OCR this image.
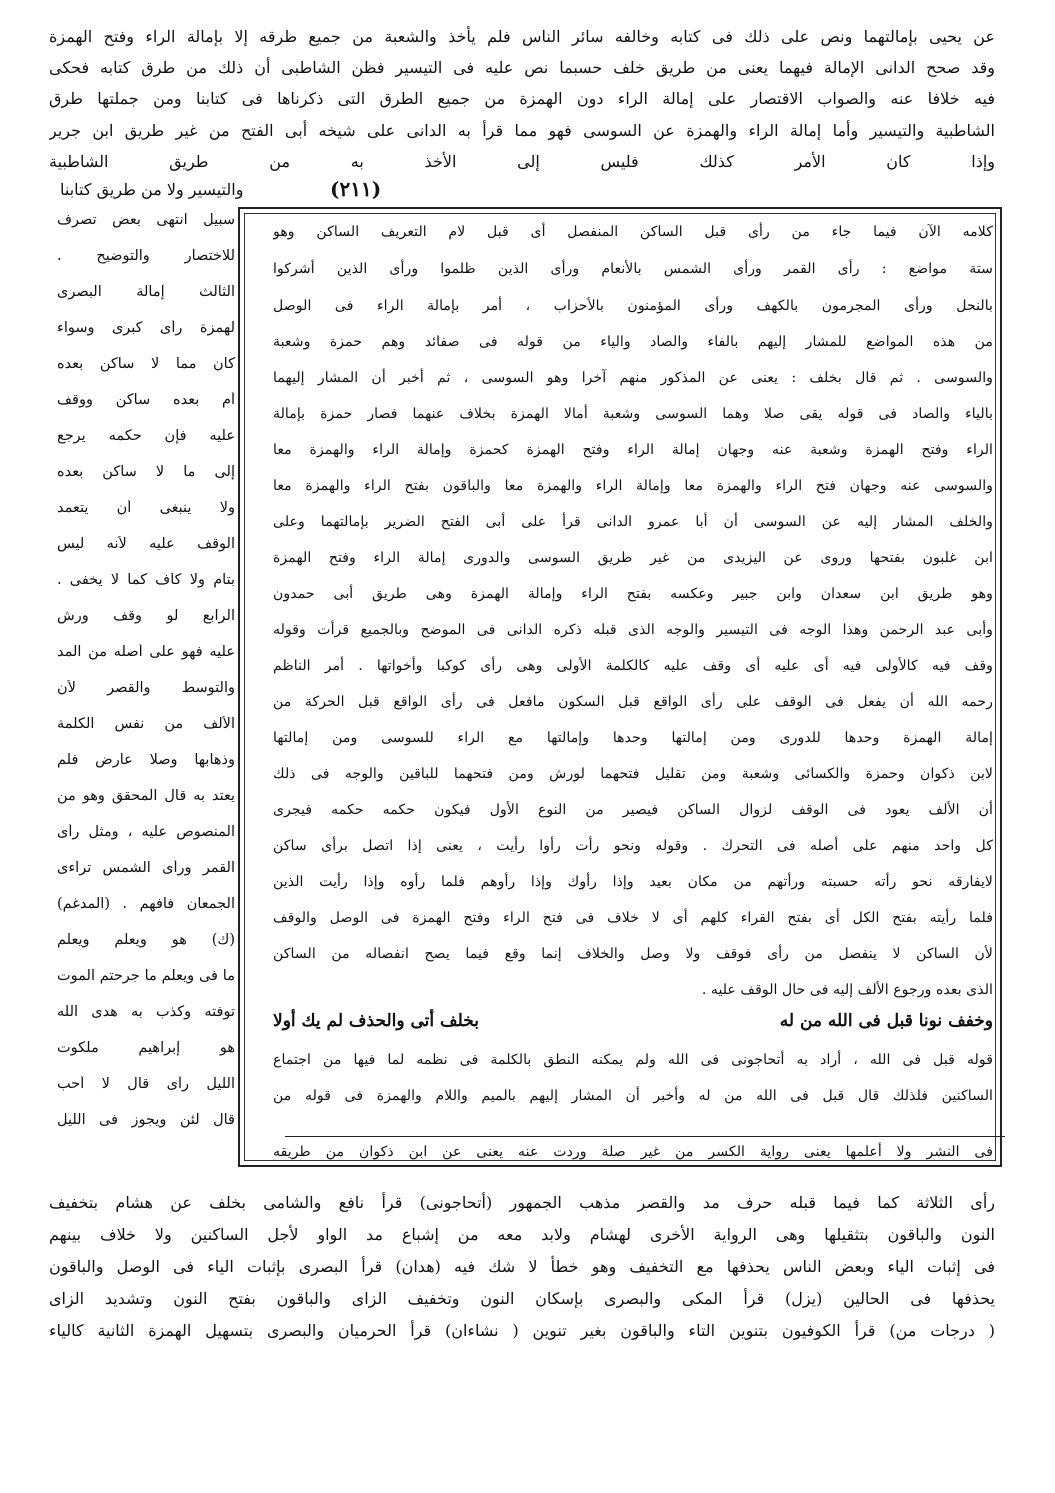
عن يحيى بإمالتهما ونص على ذلك فى كتابه وخالفه سائر الناس فلم يأخذ والشعبة من جميع طرقه إلا بإمالة الراء وفتح الهمزة
وقد صحح الدانى الإمالة فيهما يعنى من طريق خلف حسبما نص عليه فى التيسير فظن الشاطبى أن ذلك من طرق كتابه فحكى
فيه خلافا عنه والصواب الاقتصار على إمالة الراء دون الهمزة من جميع الطرق التى ذكرناها فى كتابنا ومن جملتها طرق
الشاطبية والتيسير وأما إمالة الراء والهمزة عن السوسى فهو مما قرأ به الدانى على شيخه أبى الفتح من غير طريق ابن جرير
وإذا كان الأمر كذلك فليس إلى الأخذ به من طريق الشاطبية
(٢١١)
والتيسير ولا من طريق كتابنا
كلامه الآن فيما جاء من رأى قبل الساكن المنفصل أى قبل لام التعريف الساكن وهو
ستة مواضع : رأى القمر ورأى الشمس بالأنعام ورأى الذين ظلموا ورأى الذين أشركوا
بالنحل ورأى المجرمون بالكهف ورأى المؤمنون بالأحزاب ، أمر بإمالة الراء فى الوصل
من هذه المواضع للمشار إليهم بالفاء والصاد والياء من قوله فى صفائد وهم حمزة وشعبة
والسوسى . ثم قال بخلف : يعنى عن المذكور منهم آخرا وهو السوسى ، ثم أخبر أن المشار إليهما
بالياء والصاد فى قوله يقى صلا وهما السوسى وشعبة أمالا الهمزة بخلاف عنهما فصار حمزة بإمالة
الراء وفتح الهمزة وشعبة عنه وجهان إمالة الراء وفتح الهمزة كحمزة وإمالة الراء والهمزة معا
والسوسى عنه وجهان فتح الراء والهمزة معا وإمالة الراء والهمزة معا والباقون بفتح الراء والهمزة معا
والخلف المشار إليه عن السوسى أن أبا عمرو الدانى قرأ على أبى الفتح الضرير بإمالتهما وعلى
ابن غلبون بفتحها وروى عن اليزيدى من غير طريق السوسى والدورى إمالة الراء وفتح الهمزة
وهو طريق ابن سعدان وابن جبير وعكسه بفتح الراء وإمالة الهمزة وهى طريق أبى حمدون
وأبى عبد الرحمن وهذا الوجه فى التيسير والوجه الذى قبله ذكره الدانى فى الموضح وبالجميع قرأت وقوله
وقف فيه كالأولى فيه أى عليه أى وقف عليه كالكلمة الأولى وهى رأى كوكبا وأخواتها . أمر الناظم
رحمه الله أن يفعل فى الوقف على رأى الواقع قبل السكون مافعل فى رأى الواقع قبل الحركة من
إمالة الهمزة وحدها للدورى ومن إمالتها وحدها وإمالتها مع الراء للسوسى ومن إمالتها
لابن ذكوان وحمزة والكسائى وشعبة ومن تقليل فتحهما لورش ومن فتحهما للباقين والوجه فى ذلك
أن الألف يعود فى الوقف لزوال الساكن فيصير من النوع الأول فيكون حكمه حكمه فيجرى
كل واحد منهم على أصله فى التحرك . وقوله ونحو رأت رأوا رأيت ، يعنى إذا اتصل برأى ساكن
لايفارقه نحو رأته حسبته ورأتهم من مكان بعيد وإذا رأوك وإذا رأوهم فلما رأوه وإذا رأيت الذين
فلما رأيته بفتح الكل أى بفتح القراء كلهم أى لا خلاف فى فتح الراء وفتح الهمزة فى الوصل والوقف
لأن الساكن لا ينفصل من رأى فوقف ولا وصل والخلاف إنما وقع فيما يصح انفصاله من الساكن
الذى بعده ورجوع الألف إليه فى حال الوقف عليه .
وخفف نونا قبل فى الله من له
بخلف أتى والحذف لم يك أولا
قوله قبل فى الله ، أراد به أتحاجونى فى الله ولم يمكنه النطق بالكلمة فى نظمه لما فيها من اجتماع
الساكنين فلذلك قال قبل فى الله من له وأخبر أن المشار إليهم بالميم واللام والهمزة فى قوله من
فى النشر ولا أعلمها يعنى رواية الكسر من غير صلة وردت عنه يعنى عن ابن ذكوان من طريقه
سبيل انتهى بعض تصرف
للاختصار والتوضيح .
الثالث إمالة البصرى
لهمزة رأى كبرى وسواء
كان مما لا ساكن بعده
أم بعده ساكن ووقف
عليه فإن حكمه يرجع
إلى ما لا ساكن بعده
ولا ينبغى أن يتعمد
الوقف عليه لأنه ليس
بتام ولا كاف كما لا يخفى .
الرابع لو وقف ورش
عليه فهو على أصله من المد
والتوسط والقصر لأن
الألف من نفس الكلمة
وذهابها وصلا عارض فلم
يعتد به قال المحقق وهو من
المنصوص عليه ، ومثل رأى
القمر ورأى الشمس تراءى
الجمعان فافهم . (المدغم)
(ك) هو ويعلم ويعلم
ما فى ويعلم ما جرحتم الموت
توفته وكذب به هدى الله
هو إبراهيم ملكوت
الليل رأى قال لا أحب
قال لئن ويجوز فى الليل
رأى الثلاثة كما فيما قبله حرف مد والقصر مذهب الجمهور (أتحاجونى) قرأ نافع والشامى بخلف عن هشام بتخفيف
النون والباقون بتثقيلها وهى الرواية الأخرى لهشام ولابد معه من إشباع مد الواو لأجل الساكنين ولا خلاف بينهم
فى إثبات الياء وبعض الناس يحذفها مع التخفيف وهو خطأ لا شك فيه (هدان) قرأ البصرى بإثبات الياء فى الوصل والباقون
يحذفها فى الحالين (يزل) قرأ المكى والبصرى بإسكان النون وتخفيف الزاى والباقون بفتح النون وتشديد الزاى
( درجات من) قرأ الكوفيون بتنوين التاء والباقون بغير تنوين ( نشاءان) قرأ الحرميان والبصرى بتسهيل الهمزة الثانية كالياء
